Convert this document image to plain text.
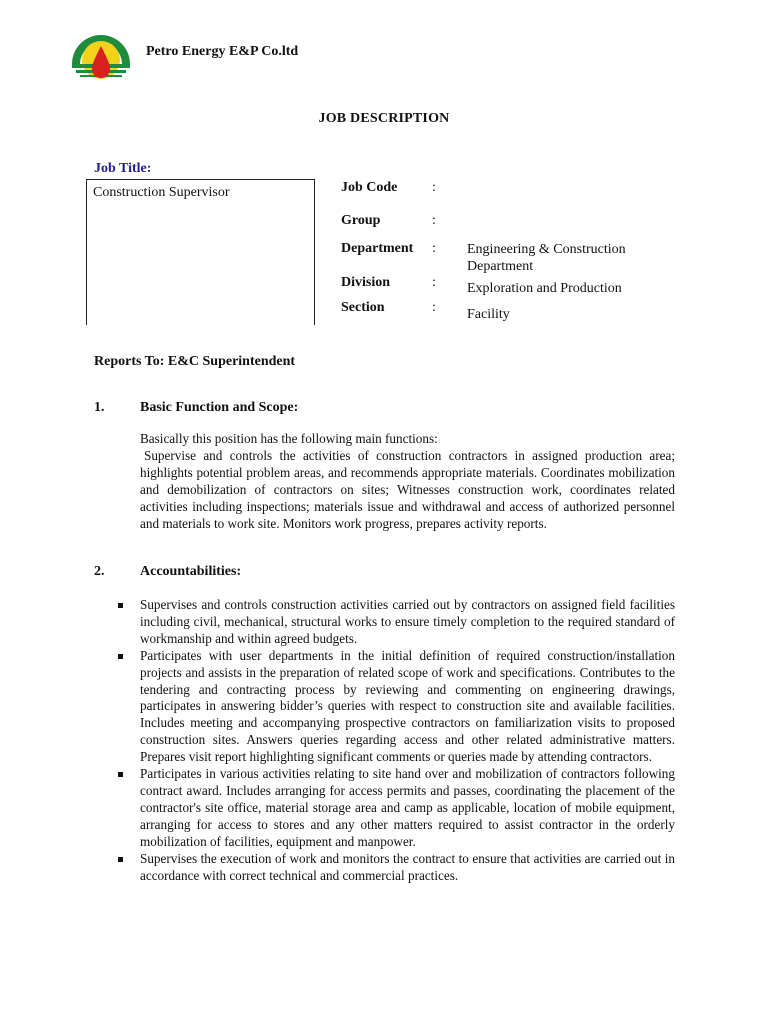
Petro Energy E&P Co.ltd
JOB DESCRIPTION
Job Title:
Construction Supervisor	Job Code :
Group	:
Department : Engineering & Construction Department
Division	: Exploration and Production
Section	: Facility
Reports To: E&C Superintendent
1.	Basic Function and Scope:
Basically this position has the following main functions:
Supervise and controls the activities of construction contractors in assigned production area; highlights potential problem areas, and recommends appropriate materials. Coordinates mobilization and demobilization of contractors on sites; Witnesses construction work, coordinates related activities including inspections; materials issue and withdrawal and access of authorized personnel and materials to work site. Monitors work progress, prepares activity reports.
2.	Accountabilities:
Supervises and controls construction activities carried out by contractors on assigned field facilities including civil, mechanical, structural works to ensure timely completion to the required standard of workmanship and within agreed budgets.
Participates with user departments in the initial definition of required construction/installation projects and assists in the preparation of related scope of work and specifications. Contributes to the tendering and contracting process by reviewing and commenting on engineering drawings, participates in answering bidder’s queries with respect to construction site and available facilities. Includes meeting and accompanying prospective contractors on familiarization visits to proposed construction sites. Answers queries regarding access and other related administrative matters. Prepares visit report highlighting significant comments or queries made by attending contractors.
Participates in various activities relating to site hand over and mobilization of contractors following contract award. Includes arranging for access permits and passes, coordinating the placement of the contractor's site office, material storage area and camp as applicable, location of mobile equipment, arranging for access to stores and any other matters required to assist contractor in the orderly mobilization of facilities, equipment and manpower.
Supervises the execution of work and monitors the contract to ensure that activities are carried out in accordance with correct technical and commercial practices.
